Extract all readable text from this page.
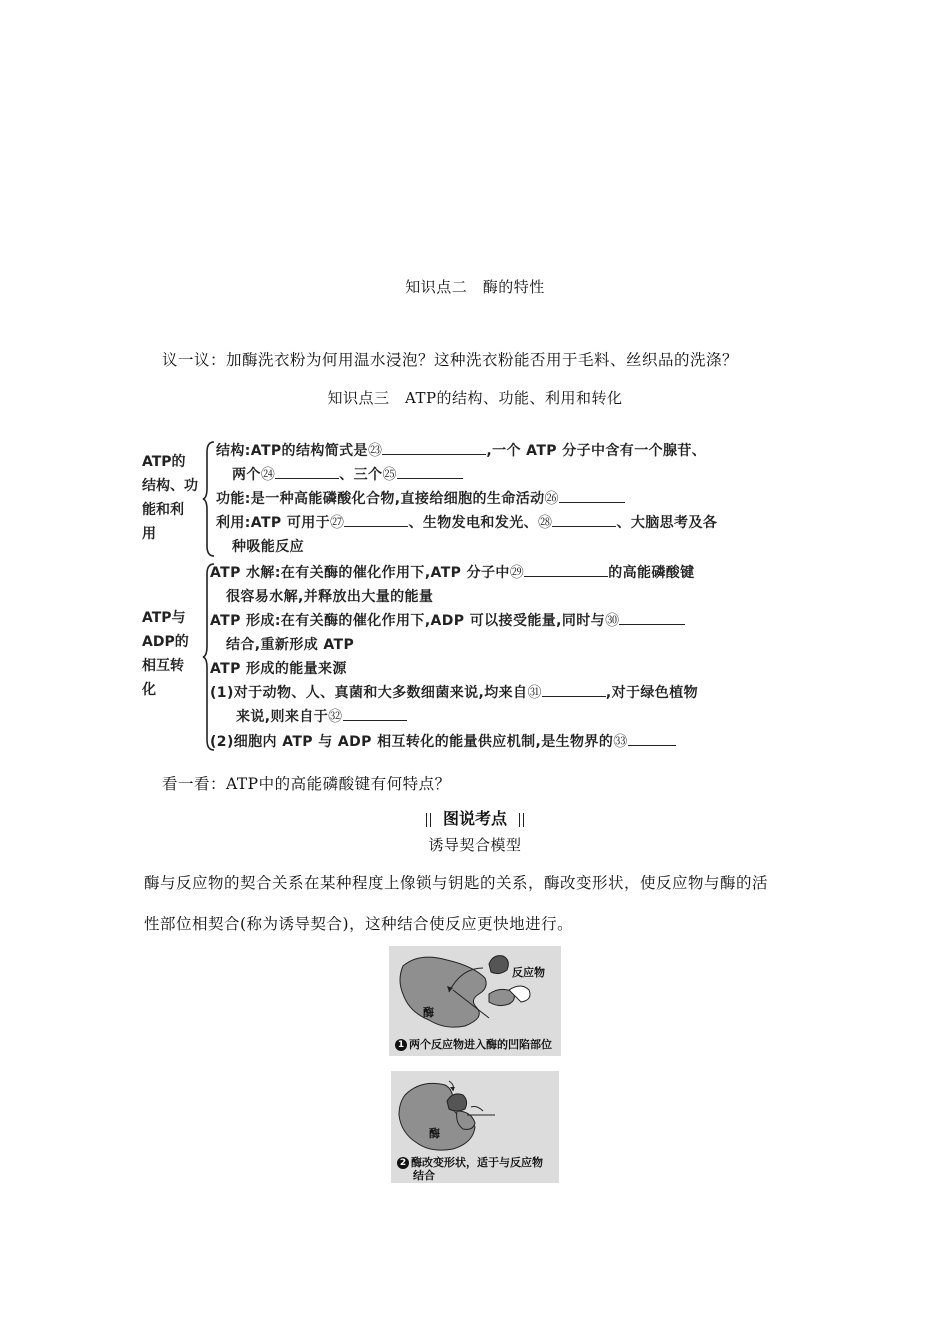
知识点二　酶的特性
议一议：加酶洗衣粉为何用温水浸泡？这种洗衣粉能否用于毛料、丝织品的洗涤？
知识点三　ATP的结构、功能、利用和转化
ATP的
结构、功
能和利
用
结构:ATP的结构简式是㉓	,一个 ATP 分子中含有一个腺苷、
两个㉔	、三个㉕
功能:是一种高能磷酸化合物,直接给细胞的生命活动㉖
利用:ATP 可用于㉗	、生物发电和发光、㉘	、大脑思考及各
种吸能反应
ATP与
ADP的
相互转
化
ATP 水解:在有关酶的催化作用下,ATP 分子中㉙	的高能磷酸键
很容易水解,并释放出大量的能量
ATP 形成:在有关酶的催化作用下,ADP 可以接受能量,同时与㉚
结合,重新形成 ATP
ATP 形成的能量来源
(1)对于动物、人、真菌和大多数细菌来说,均来自㉛	,对于绿色植物
来说,则来自于㉜
(2)细胞内 ATP 与 ADP 相互转化的能量供应机制,是生物界的㉝
看一看：ATP中的高能磷酸键有何特点？
图说考点
诱导契合模型
酶与反应物的契合关系在某种程度上像锁与钥匙的关系，酶改变形状，使反应物与酶的活
性部位相契合(称为诱导契合)，这种结合使反应更快地进行。
反应物
酶
1 两个反应物进入酶的凹陷部位
酶
2 酶改变形状，适于与反应物
结合
